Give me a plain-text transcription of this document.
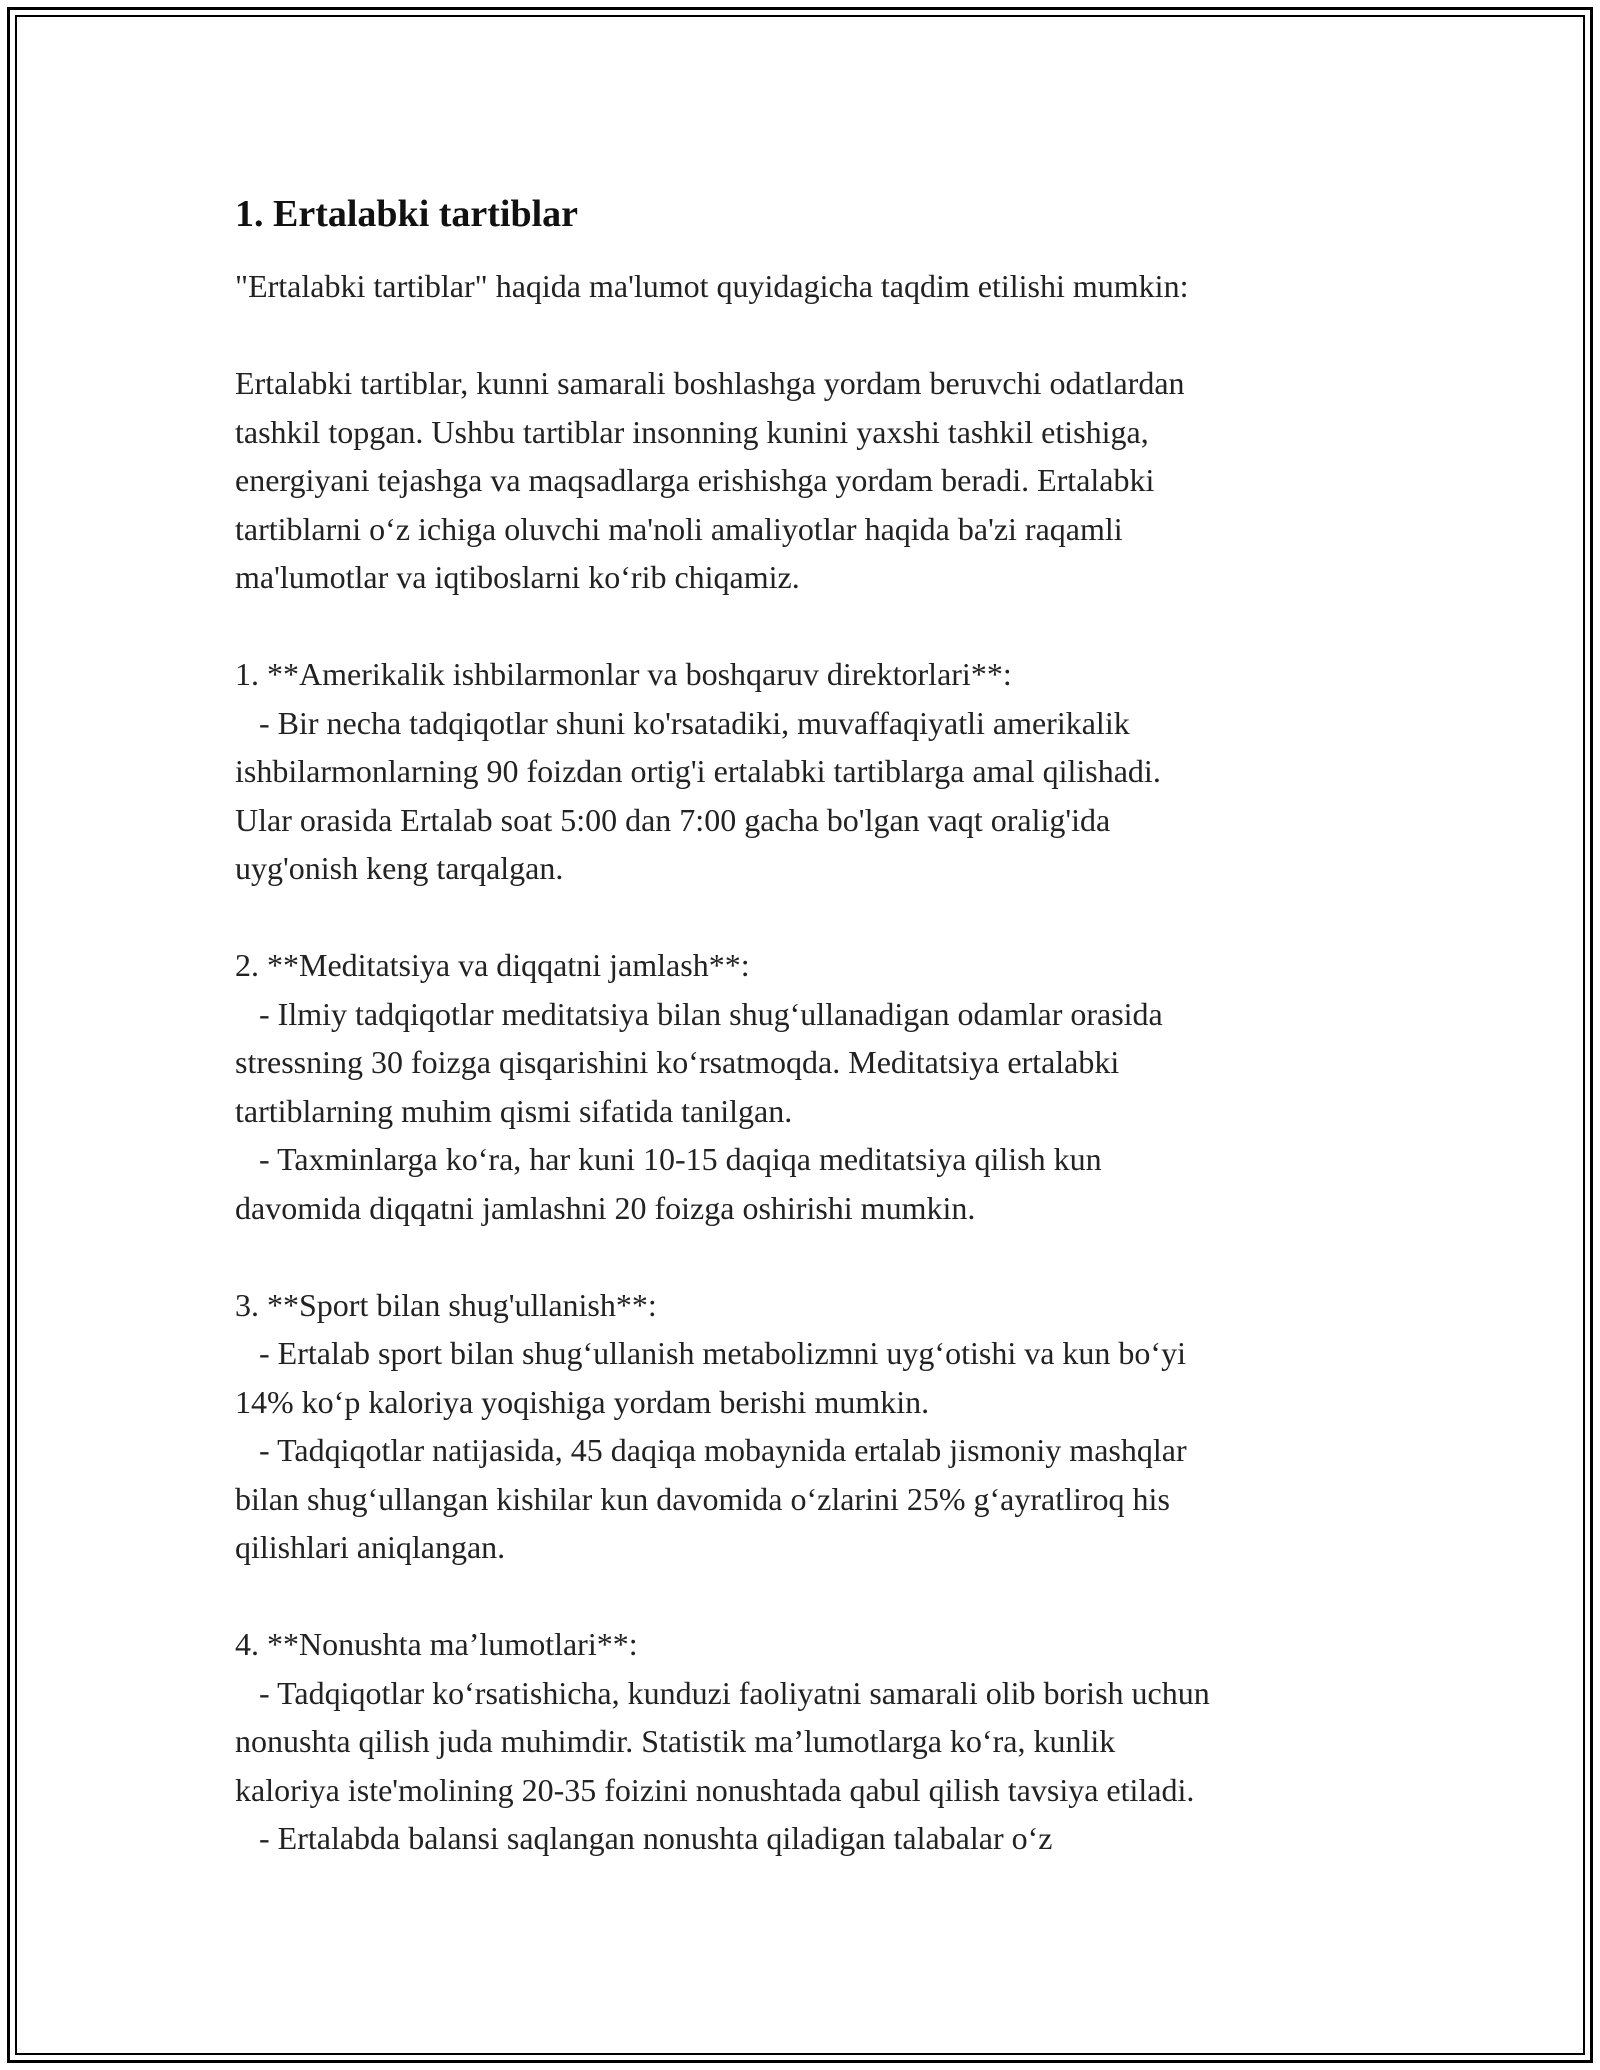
1. Ertalabki tartiblar

"Ertalabki tartiblar" haqida ma'lumot quyidagicha taqdim etilishi mumkin:

Ertalabki tartiblar, kunni samarali boshlashga yordam beruvchi odatlardan

tashkil topgan. Ushbu tartiblar insonning kunini yaxshi tashkil etishiga,

energiyani tejashga va maqsadlarga erishishga yordam beradi. Ertalabki

tartiblarni o‘z ichiga oluvchi ma'noli amaliyotlar haqida ba'zi raqamli

ma'lumotlar va iqtiboslarni ko‘rib chiqamiz.

1. **Amerikalik ishbilarmonlar va boshqaruv direktorlari**:

- Bir necha tadqiqotlar shuni ko'rsatadiki, muvaffaqiyatli amerikalik

ishbilarmonlarning 90 foizdan ortig'i ertalabki tartiblarga amal qilishadi.

Ular orasida Ertalab soat 5:00 dan 7:00 gacha bo'lgan vaqt oralig'ida

uyg'onish keng tarqalgan.

2. **Meditatsiya va diqqatni jamlash**:

- Ilmiy tadqiqotlar meditatsiya bilan shug‘ullanadigan odamlar orasida

stressning 30 foizga qisqarishini ko‘rsatmoqda. Meditatsiya ertalabki

tartiblarning muhim qismi sifatida tanilgan.

- Taxminlarga ko‘ra, har kuni 10-15 daqiqa meditatsiya qilish kun

davomida diqqatni jamlashni 20 foizga oshirishi mumkin.

3. **Sport bilan shug'ullanish**:

- Ertalab sport bilan shug‘ullanish metabolizmni uyg‘otishi va kun bo‘yi

14% ko‘p kaloriya yoqishiga yordam berishi mumkin.

- Tadqiqotlar natijasida, 45 daqiqa mobaynida ertalab jismoniy mashqlar

bilan shug‘ullangan kishilar kun davomida o‘zlarini 25% g‘ayratliroq his

qilishlari aniqlangan.

4. **Nonushta ma’lumotlari**:

- Tadqiqotlar ko‘rsatishicha, kunduzi faoliyatni samarali olib borish uchun

nonushta qilish juda muhimdir. Statistik ma’lumotlarga ko‘ra, kunlik

kaloriya iste'molining 20-35 foizini nonushtada qabul qilish tavsiya etiladi.

- Ertalabda balansi saqlangan nonushta qiladigan talabalar o‘z
